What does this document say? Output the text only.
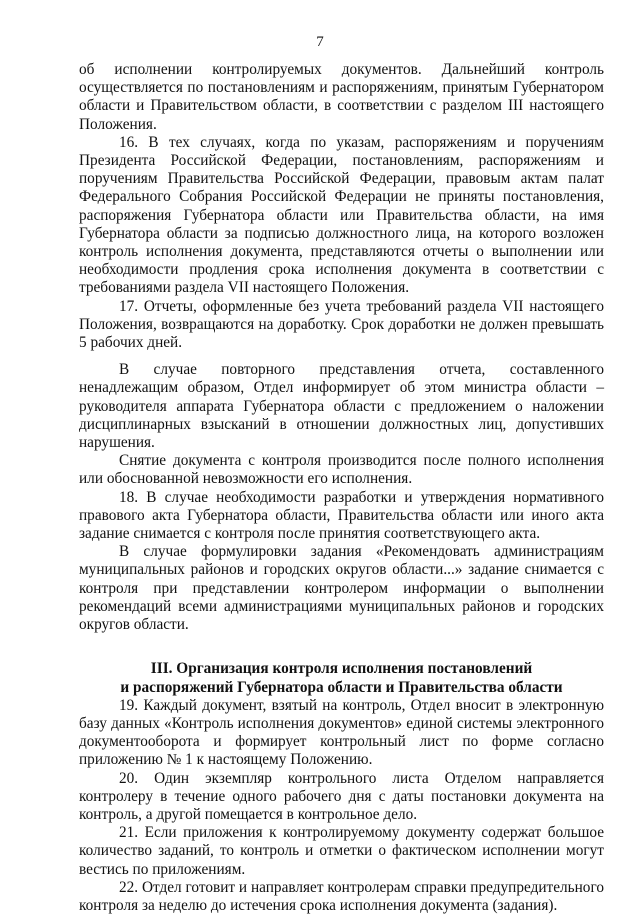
7

об исполнении контролируемых документов. Дальнейший контроль осуществляется по постановлениям и распоряжениям, принятым Губернатором области и Правительством области, в соответствии с разделом III настоящего Положения.

16. В тех случаях, когда по указам, распоряжениям и поручениям Президента Российской Федерации, постановлениям, распоряжениям и поручениям Правительства Российской Федерации, правовым актам палат Федерального Собрания Российской Федерации не приняты постановления, распоряжения Губернатора области или Правительства области, на имя Губернатора области за подписью должностного лица, на которого возложен контроль исполнения документа, представляются отчеты о выполнении или необходимости продления срока исполнения документа в соответствии с требованиями раздела VII настоящего Положения.

17. Отчеты, оформленные без учета требований раздела VII настоящего Положения, возвращаются на доработку. Срок доработки не должен превышать 5 рабочих дней.

В случае повторного представления отчета, составленного ненадлежащим образом, Отдел информирует об этом министра области – руководителя аппарата Губернатора области с предложением о наложении дисциплинарных взысканий в отношении должностных лиц, допустивших нарушения.

Снятие документа с контроля производится после полного исполнения или обоснованной невозможности его исполнения.

18. В случае необходимости разработки и утверждения нормативного правового акта Губернатора области, Правительства области или иного акта задание снимается с контроля после принятия соответствующего акта.

В случае формулировки задания «Рекомендовать администрациям муниципальных районов и городских округов области...» задание снимается с контроля при представлении контролером информации о выполнении рекомендаций всеми администрациями муниципальных районов и городских округов области.

III. Организация контроля исполнения постановлений
и распоряжений Губернатора области и Правительства области

19. Каждый документ, взятый на контроль, Отдел вносит в электронную базу данных «Контроль исполнения документов» единой системы электронного документооборота и формирует контрольный лист по форме согласно приложению № 1 к настоящему Положению.

20. Один экземпляр контрольного листа Отделом направляется контролеру в течение одного рабочего дня с даты постановки документа на контроль, а другой помещается в контрольное дело.

21. Если приложения к контролируемому документу содержат большое количество заданий, то контроль и отметки о фактическом исполнении могут вестись по приложениям.

22. Отдел готовит и направляет контролерам справки предупредительного контроля за неделю до истечения срока исполнения документа (задания).
